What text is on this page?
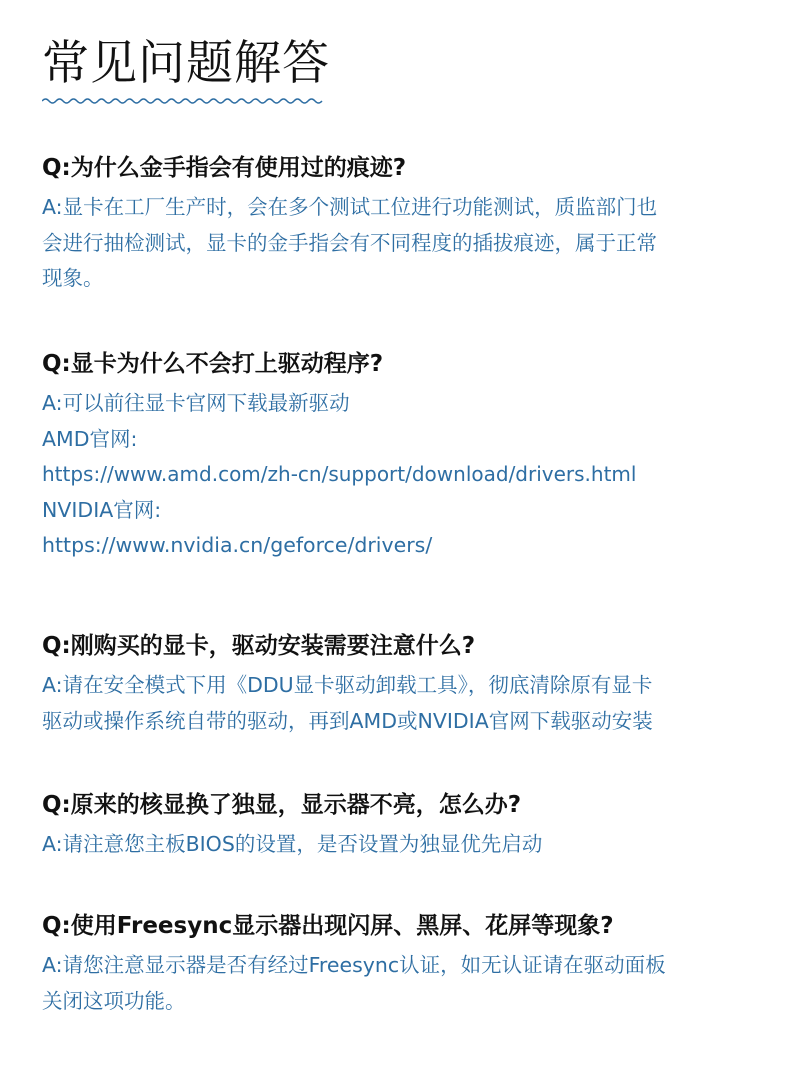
常见问题解答
Q:为什么金手指会有使用过的痕迹?
A:显卡在工厂生产时，会在多个测试工位进行功能测试，质监部门也
会进行抽检测试，显卡的金手指会有不同程度的插拔痕迹，属于正常
现象。
Q:显卡为什么不会打上驱动程序?
A:可以前往显卡官网下载最新驱动
AMD官网:
https://www.amd.com/zh-cn/support/download/drivers.html
NVIDIA官网:
https://www.nvidia.cn/geforce/drivers/
Q:刚购买的显卡，驱动安装需要注意什么?
A:请在安全模式下用《DDU显卡驱动卸载工具》，彻底清除原有显卡
驱动或操作系统自带的驱动，再到AMD或NVIDIA官网下载驱动安装
Q:原来的核显换了独显，显示器不亮，怎么办?
A:请注意您主板BIOS的设置，是否设置为独显优先启动
Q:使用Freesync显示器出现闪屏、黑屏、花屏等现象?
A:请您注意显示器是否有经过Freesync认证，如无认证请在驱动面板
关闭这项功能。
